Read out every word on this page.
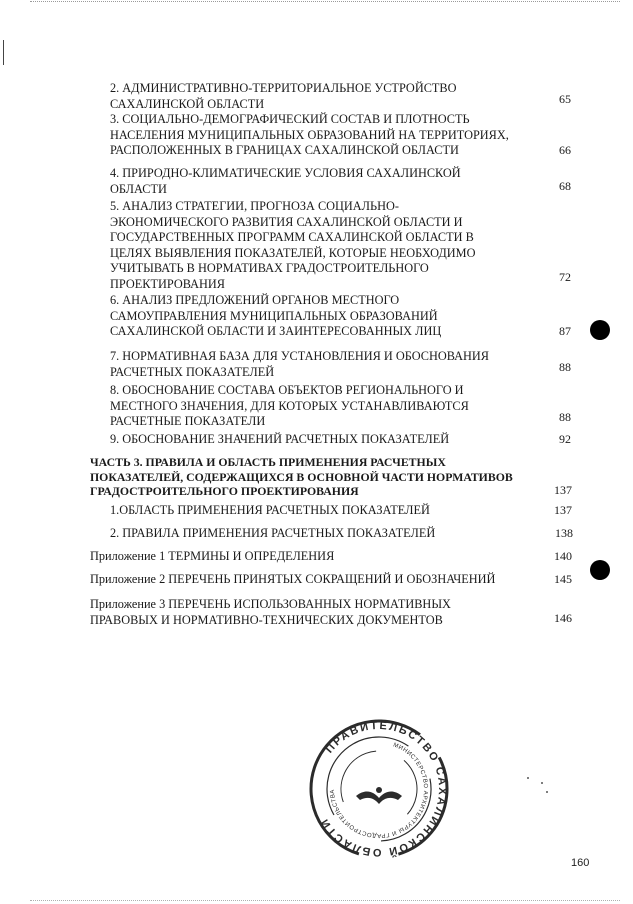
2. АДМИНИСТРАТИВНО-ТЕРРИТОРИАЛЬНОЕ УСТРОЙСТВО
САХАЛИНСКОЙ ОБЛАСТИ	65
3. СОЦИАЛЬНО-ДЕМОГРАФИЧЕСКИЙ СОСТАВ И ПЛОТНОСТЬ
НАСЕЛЕНИЯ МУНИЦИПАЛЬНЫХ ОБРАЗОВАНИЙ НА ТЕРРИТОРИЯХ,
РАСПОЛОЖЕННЫХ В ГРАНИЦАХ САХАЛИНСКОЙ ОБЛАСТИ	66
4. ПРИРОДНО-КЛИМАТИЧЕСКИЕ УСЛОВИЯ САХАЛИНСКОЙ
ОБЛАСТИ	68
5. АНАЛИЗ СТРАТЕГИИ, ПРОГНОЗА СОЦИАЛЬНО-
ЭКОНОМИЧЕСКОГО РАЗВИТИЯ САХАЛИНСКОЙ ОБЛАСТИ И
ГОСУДАРСТВЕННЫХ ПРОГРАММ САХАЛИНСКОЙ ОБЛАСТИ В
ЦЕЛЯХ ВЫЯВЛЕНИЯ ПОКАЗАТЕЛЕЙ, КОТОРЫЕ НЕОБХОДИМО
УЧИТЫВАТЬ В НОРМАТИВАХ ГРАДОСТРОИТЕЛЬНОГО
ПРОЕКТИРОВАНИЯ	72
6. АНАЛИЗ ПРЕДЛОЖЕНИЙ ОРГАНОВ МЕСТНОГО
САМОУПРАВЛЕНИЯ МУНИЦИПАЛЬНЫХ ОБРАЗОВАНИЙ
САХАЛИНСКОЙ ОБЛАСТИ И ЗАИНТЕРЕСОВАННЫХ ЛИЦ	87
7. НОРМАТИВНАЯ БАЗА ДЛЯ УСТАНОВЛЕНИЯ И ОБОСНОВАНИЯ
РАСЧЕТНЫХ ПОКАЗАТЕЛЕЙ	88
8. ОБОСНОВАНИЕ СОСТАВА ОБЪЕКТОВ РЕГИОНАЛЬНОГО И
МЕСТНОГО ЗНАЧЕНИЯ, ДЛЯ КОТОРЫХ УСТАНАВЛИВАЮТСЯ
РАСЧЕТНЫЕ ПОКАЗАТЕЛИ	88
9. ОБОСНОВАНИЕ ЗНАЧЕНИЙ РАСЧЕТНЫХ ПОКАЗАТЕЛЕЙ	92
ЧАСТЬ 3. ПРАВИЛА И ОБЛАСТЬ ПРИМЕНЕНИЯ РАСЧЕТНЫХ
ПОКАЗАТЕЛЕЙ, СОДЕРЖАЩИХСЯ В ОСНОВНОЙ ЧАСТИ НОРМАТИВОВ
ГРАДОСТРОИТЕЛЬНОГО ПРОЕКТИРОВАНИЯ	137
1.ОБЛАСТЬ ПРИМЕНЕНИЯ РАСЧЕТНЫХ ПОКАЗАТЕЛЕЙ	137
2. ПРАВИЛА ПРИМЕНЕНИЯ РАСЧЕТНЫХ ПОКАЗАТЕЛЕЙ	138
Приложение 1 ТЕРМИНЫ И ОПРЕДЕЛЕНИЯ	140
Приложение 2 ПЕРЕЧЕНЬ ПРИНЯТЫХ СОКРАЩЕНИЙ И ОБОЗНАЧЕНИЙ	145
Приложение 3 ПЕРЕЧЕНЬ ИСПОЛЬЗОВАННЫХ НОРМАТИВНЫХ
ПРАВОВЫХ И НОРМАТИВНО-ТЕХНИЧЕСКИХ ДОКУМЕНТОВ	146
ПРАВИТЕЛЬСТВО САХАЛИНСКОЙ ОБЛАСТИ
МИНИСТЕРСТВО АРХИТЕКТУРЫ И ГРАДОСТРОИТЕЛЬСТВА
160
